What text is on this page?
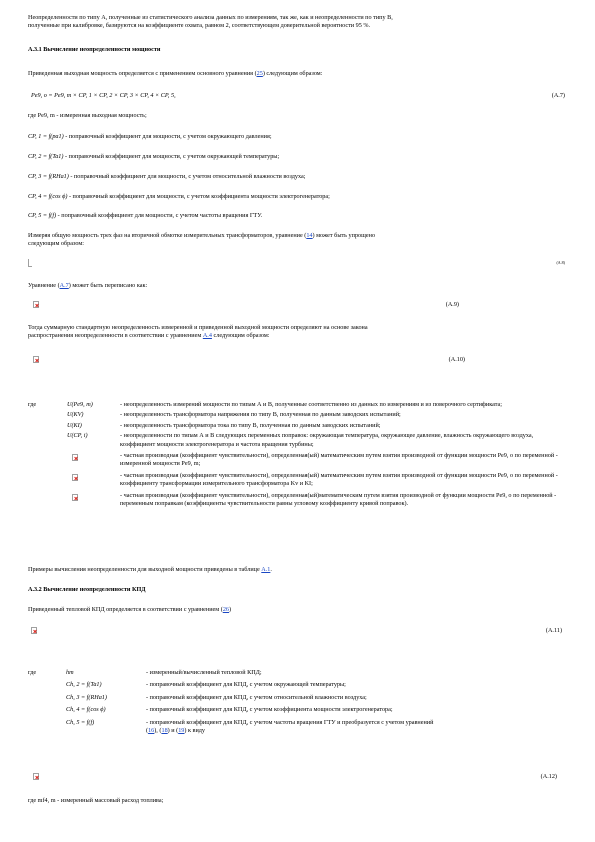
Неопределенности по типу А, полученные из статистического анализа данных по измерениям, так же, как и неопределенности по типу В,

полученные при калибровке, базируются на коэффициенте охвата, равном 2, соответствующем доверительной вероятности 95 %.

A.3.1 Вычисление неопределенности мощности
Приведенная выходная мощность определяется с применением основного уравнения (25) следующим образом:
Pe9, о = Pe9, m × CP, 1 × CP, 2 × CP, 3 × CP, 4 × CP, 5,	(A.7)
где Pe9, m - измеренная выходная мощность;
CP, 1 = f(pa1) - поправочный коэффициент для мощности, с учетом окружающего давления;
CP, 2 = f(Ta1) - поправочный коэффициент для мощности, с учетом окружающей температуры;
CP, 3 = f(RHa1) - поправочный коэффициент для мощности, с учетом относительной влажности воздуха;
CP, 4 = f(cos ϕ) - поправочный коэффициент для мощности, с учетом коэффициента мощности электрогенератора;
CP, 5 = f(f) - поправочный коэффициент для мощности, с учетом частоты вращения ГТУ.
Измеряя общую мощность трех фаз на вторичной обмотке измерительных трансформаторов, уравнение (14) может быть упрощено
следующим образом:
(A.8)
Уравнение (A.7) может быть переписано как:
(A.9)
Тогда суммарную стандартную неопределенность измеренной и приведенной выходной мощности определяют на основе закона
распространения неопределенности в соответствии с уравнением A.4 следующим образом:
(A.10)
где	U(Pe9, m)	- неопределенность измерений мощности по типам А и В, полученные соответственно из данных по измерениям и из поверочного сертификата;
U(KV)	- неопределенность трансформатора напряжения по типу В, полученная по данным заводских испытаний;
U(KI)	- неопределенность трансформатора тока по типу В, полученная по данным заводских испытаний;
U(CP, i)	- неопределенности по типам А и В следующих переменных поправок: окружающая температура, окружающее давление, влажность окружающего воздуха, коэффициент мощности электрогенератора и частота вращения турбины;
- частная производная (коэффициент чувствительности), определенная(ый) математическим путем взятия производной от функции мощности Pe9, о по переменной - измеренной мощности Pe9, m;
- частная производная (коэффициент чувствительности), определенная(ый) математическим путем взятия производной от функции мощности Pe9, о по переменной - коэффициенту трансформации измерительного трансформатора Kv и KI;
- частная производная (коэффициент чувствительности), определенная(ый)математическим путем взятия производной от функции мощности Pe9, о по переменной - переменным поправкам (коэффициенты чувствительности равны угловому коэффициенту кривой поправок).
Примеры вычисления неопределенности для выходной мощности приведены в таблице A.1.
A.3.2 Вычисление неопределенности КПД
Приведенный тепловой КПД определяется в соответствии с уравнением (26)
(A.11)
где	hm	- измеренный/вычисленный тепловой КПД;
Ch, 2 = f(Ta1)	- поправочный коэффициент для КПД, с учетом окружающей температуры;
Ch, 3 = f(RHa1)	- поправочный коэффициент для КПД, с учетом относительной влажности воздуха;
Ch, 4 = f(cos ϕ)	- поправочный коэффициент для КПД, с учетом коэффициента мощности электрогенератора;
Ch, 5 = f(f)	- поправочный коэффициент для КПД, с учетом частоты вращения ГТУ и преобразуется с учетом уравнений
(16), (18) и (19) к виду
(A.12)
где mf4, m - измеренный массовый расход топлива;
